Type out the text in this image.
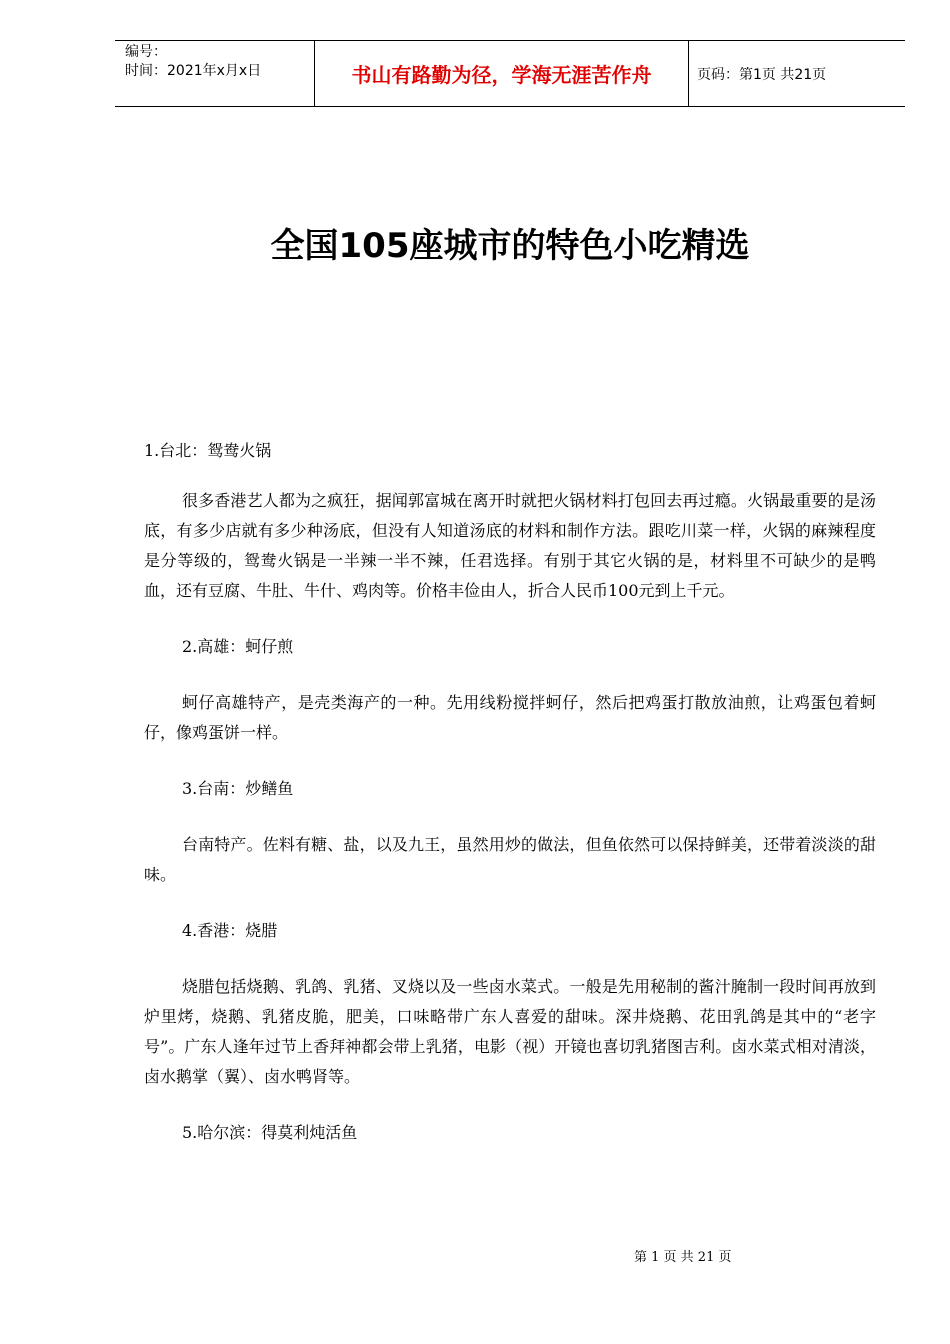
编号：
时间：2021年x月x日	书山有路勤为径，学海无涯苦作舟	页码：第1页 共21页
全国105座城市的特色小吃精选

1.台北：鸳鸯火锅

很多香港艺人都为之疯狂，据闻郭富城在离开时就把火锅材料打包回去再过瘾。火锅最重要的是汤底，有多少店就有多少种汤底，但没有人知道汤底的材料和制作方法。跟吃川菜一样，火锅的麻辣程度是分等级的，鸳鸯火锅是一半辣一半不辣，任君选择。有别于其它火锅的是，材料里不可缺少的是鸭血，还有豆腐、牛肚、牛什、鸡肉等。价格丰俭由人，折合人民币100元到上千元。

2.高雄：蚵仔煎

蚵仔高雄特产，是壳类海产的一种。先用线粉搅拌蚵仔，然后把鸡蛋打散放油煎，让鸡蛋包着蚵仔，像鸡蛋饼一样。

3.台南：炒鳝鱼

台南特产。佐料有糖、盐，以及九王，虽然用炒的做法，但鱼依然可以保持鲜美，还带着淡淡的甜味。

4.香港：烧腊

烧腊包括烧鹅、乳鸽、乳猪、叉烧以及一些卤水菜式。一般是先用秘制的酱汁腌制一段时间再放到炉里烤，烧鹅、乳猪皮脆，肥美，口味略带广东人喜爱的甜味。深井烧鹅、花田乳鸽是其中的“老字号”。广东人逢年过节上香拜神都会带上乳猪，电影（视）开镜也喜切乳猪图吉利。卤水菜式相对清淡，卤水鹅掌（翼）、卤水鸭肾等。

5.哈尔滨：得莫利炖活鱼

第 1 页 共 21 页
